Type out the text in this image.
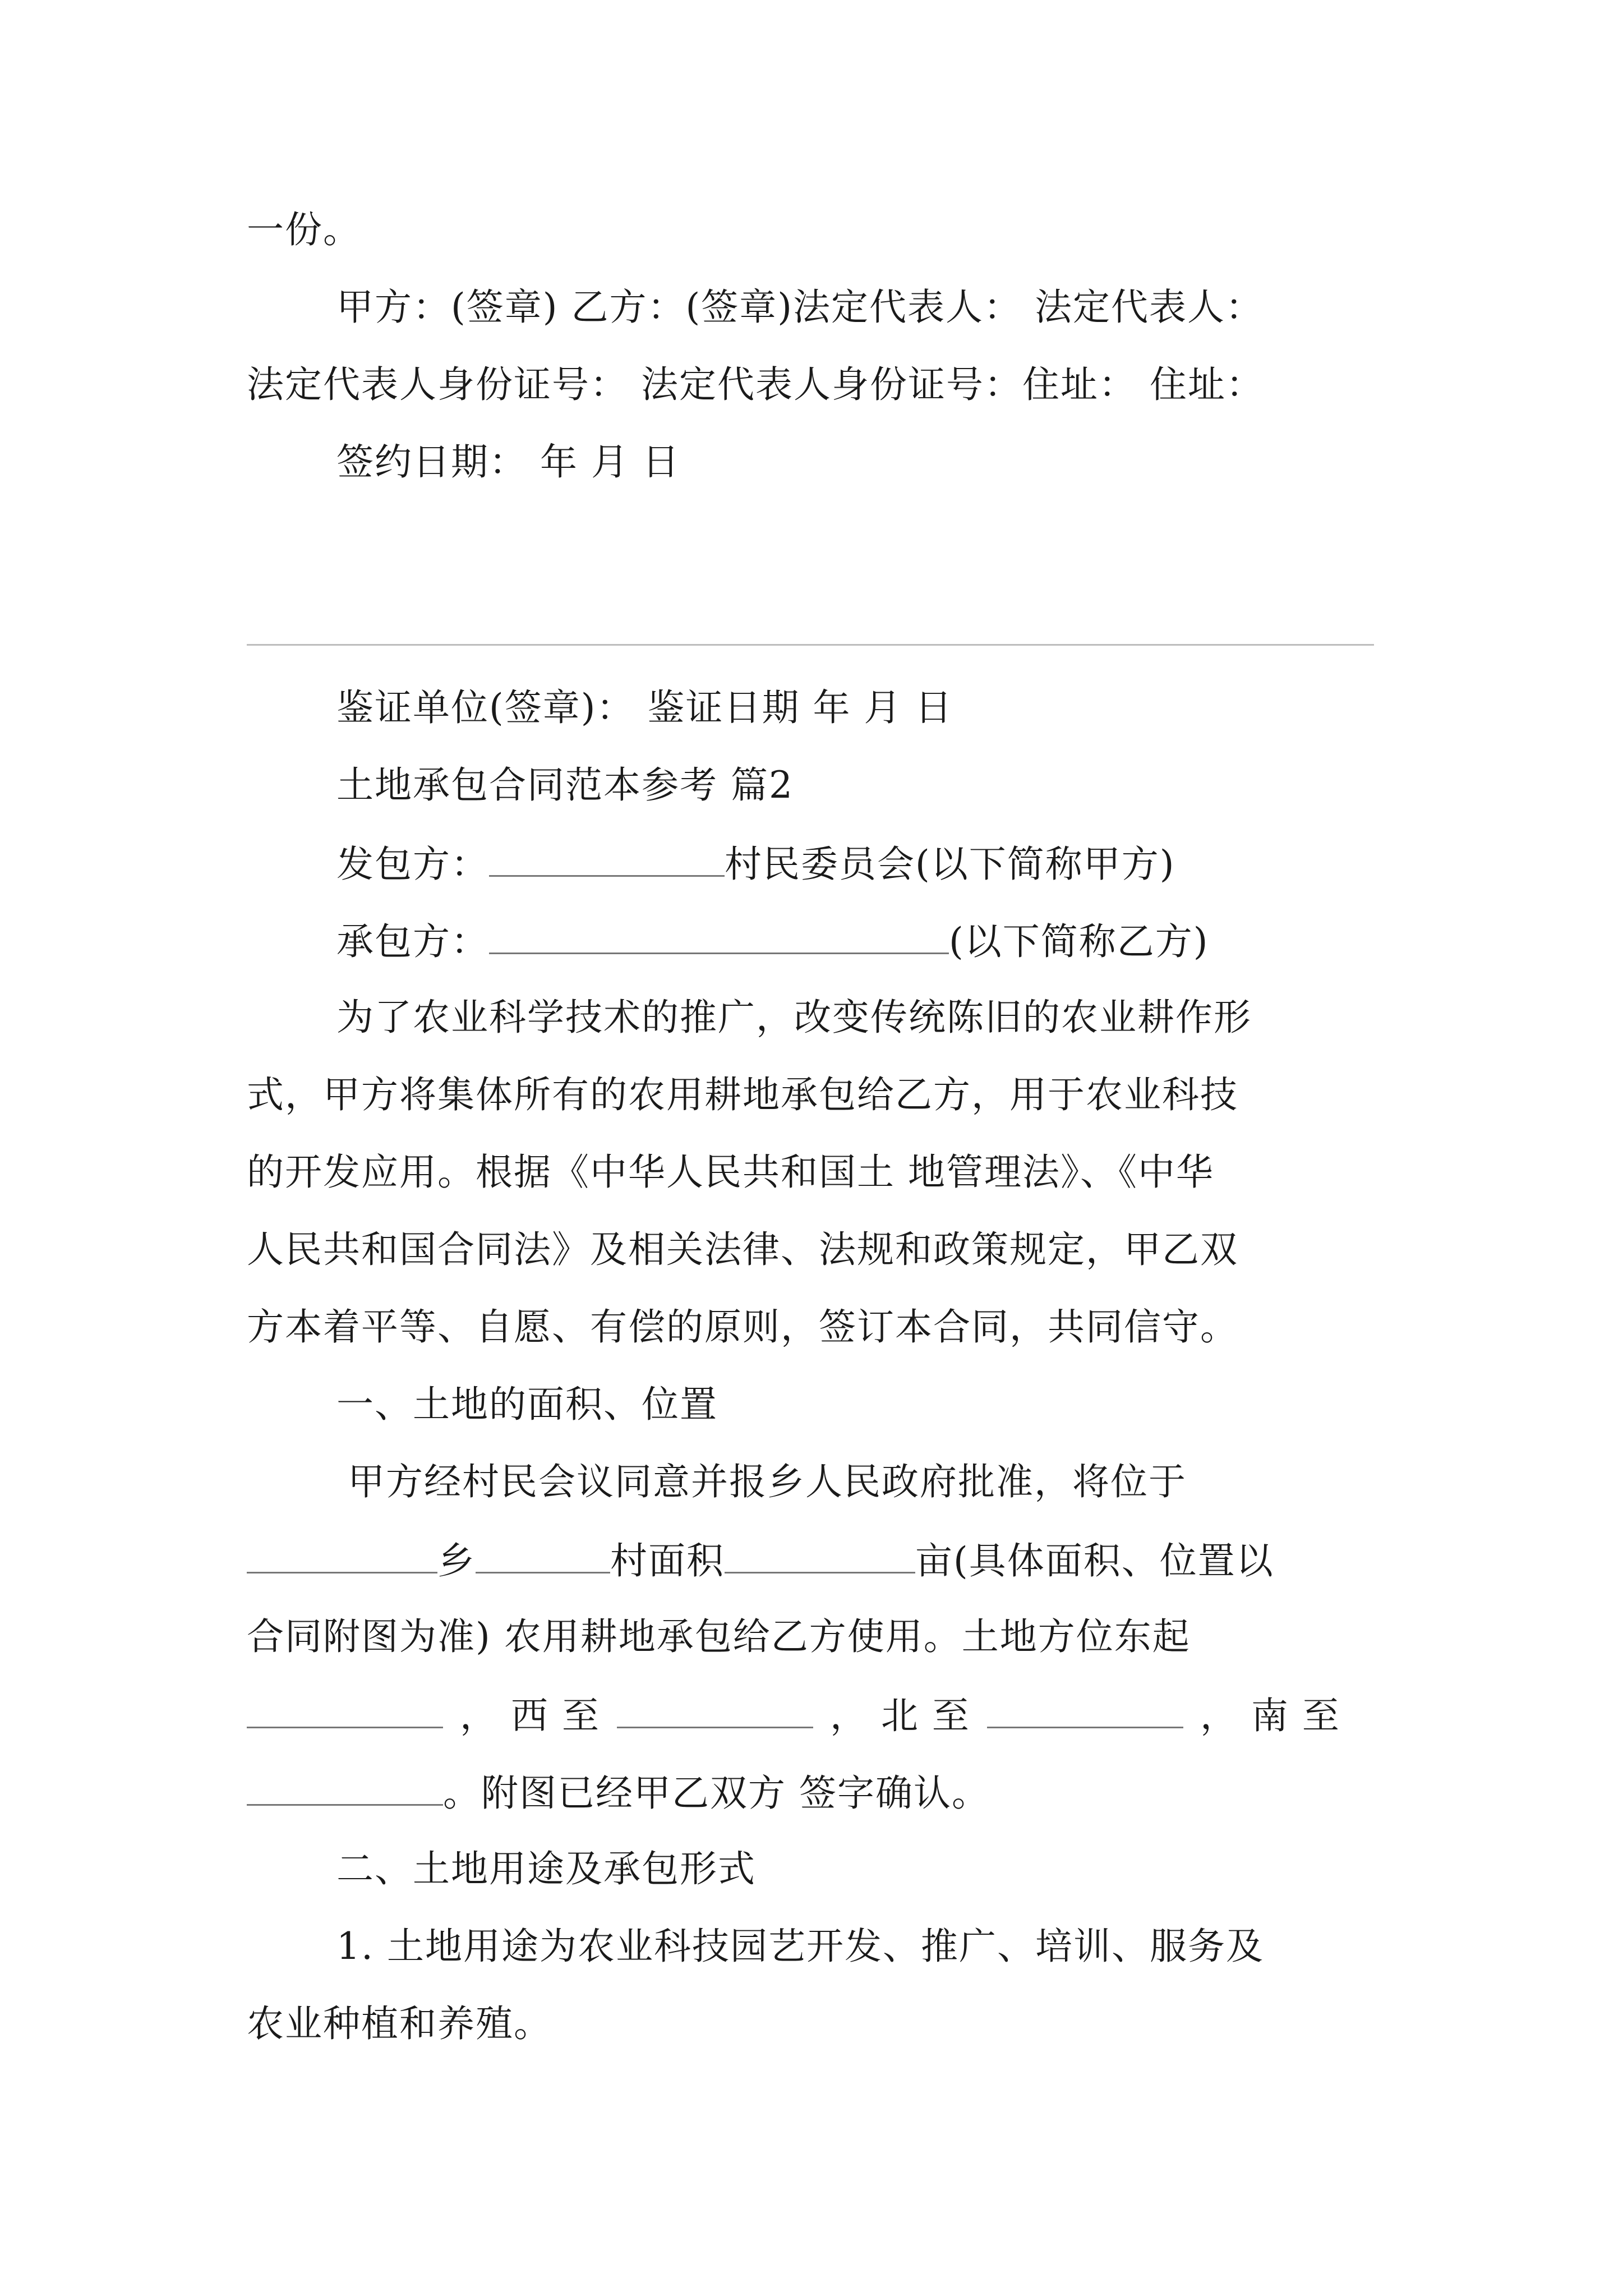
一份。
甲方：(签章) 乙方：(签章)法定代表人： 法定代表人：
法定代表人身份证号： 法定代表人身份证号：住址： 住址：
签约日期： 年 月 日
鉴证单位(签章)： 鉴证日期 年 月 日
土地承包合同范本参考 篇2
发包方：	村民委员会(以下简称甲方)
承包方：	(以下简称乙方)
为了农业科学技术的推广，改变传统陈旧的农业耕作形
式，甲方将集体所有的农用耕地承包给乙方，用于农业科技
的开发应用。根据《中华人民共和国土 地管理法》、《中华
人民共和国合同法》及相关法律、法规和政策规定，甲乙双
方本着平等、自愿、有偿的原则，签订本合同，共同信守。
一、土地的面积、位置
甲方经村民会议同意并报乡人民政府批准，将位于
乡	村面积	亩(具体面积、位置以
合同附图为准) 农用耕地承包给乙方使用。土地方位东起
， 西 至	， 北 至	， 南 至
。附图已经甲乙双方 签字确认。
二、土地用途及承包形式
1. 土地用途为农业科技园艺开发、推广、培训、服务及
农业种植和养殖。
